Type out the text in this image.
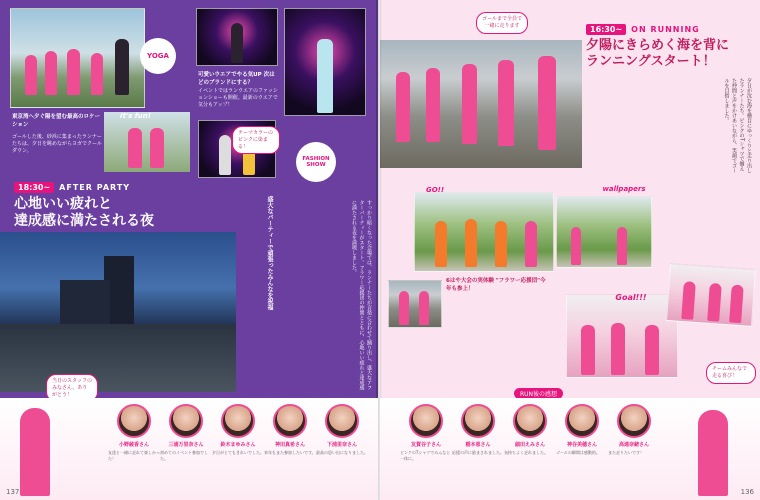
YOGA
東京湾へ夕ぐ陽を望む最高のロケーション
ゴールした後、砂浜に集まったランナーたちは、夕日を眺めながらヨガでクールダウン。
It's fun!
可愛いウエアでやる気UP 次はどのブランドにする？
イベントではランウエアのファッションショーも開催。最新のウエアで気分もアップ！
FASHION SHOW
テーマカラーのピンクに染まる！
18:30~	AFTER PARTY
心地いい疲れと
達成感に満たされる夜	盛大なパーティーで頑張ったみんなを祝福	すっかり暗くなった会場では、ランナーたちが音楽に合わせて踊り出し、盛大なアフターパーティーがスタート。フラワー応援団の仲間とともに、心地いい疲れと達成感に満たされる夜を満喫しました。
当日のスタッフのみなさん、ありがとう！
16:30~	ON RUNNING
夕陽にきらめく海を背に
ランニングスタート！
ゴールまで全員で一緒に走ります
夕日が沈む海を横目にゆっくりと走り出したランナーたち。ピンクのTシャツで揃えた仲間と声をかけあいながら、笑顔でゴールを目指しました。
GO!!	wallpapers
6はや大会の実体験 "フラワー応援団"今年も参上！
Goal!!!
RUN後の感想
チームみんなで走る喜び！
小野綾香さん
友達と一緒に走れて楽しかった！
三浦万里奈さん
初めてのイベント参加でした。
鈴木まゆみさん
夕日がとてもきれいでした。
神田真希さん
来年もまた参加したいです。
下浦里奈さん
最高の思い出になりました。
友賀谷子さん
ピンクのTシャツでみんなと一体に。
稲本恵さん
応援の声に励まされました。
細田えみさん
気持ちよく走れました。
神谷美穂さん
ゴールの瞬間は感動的。
高通奈緒さん
また走りたいです！
137	136
